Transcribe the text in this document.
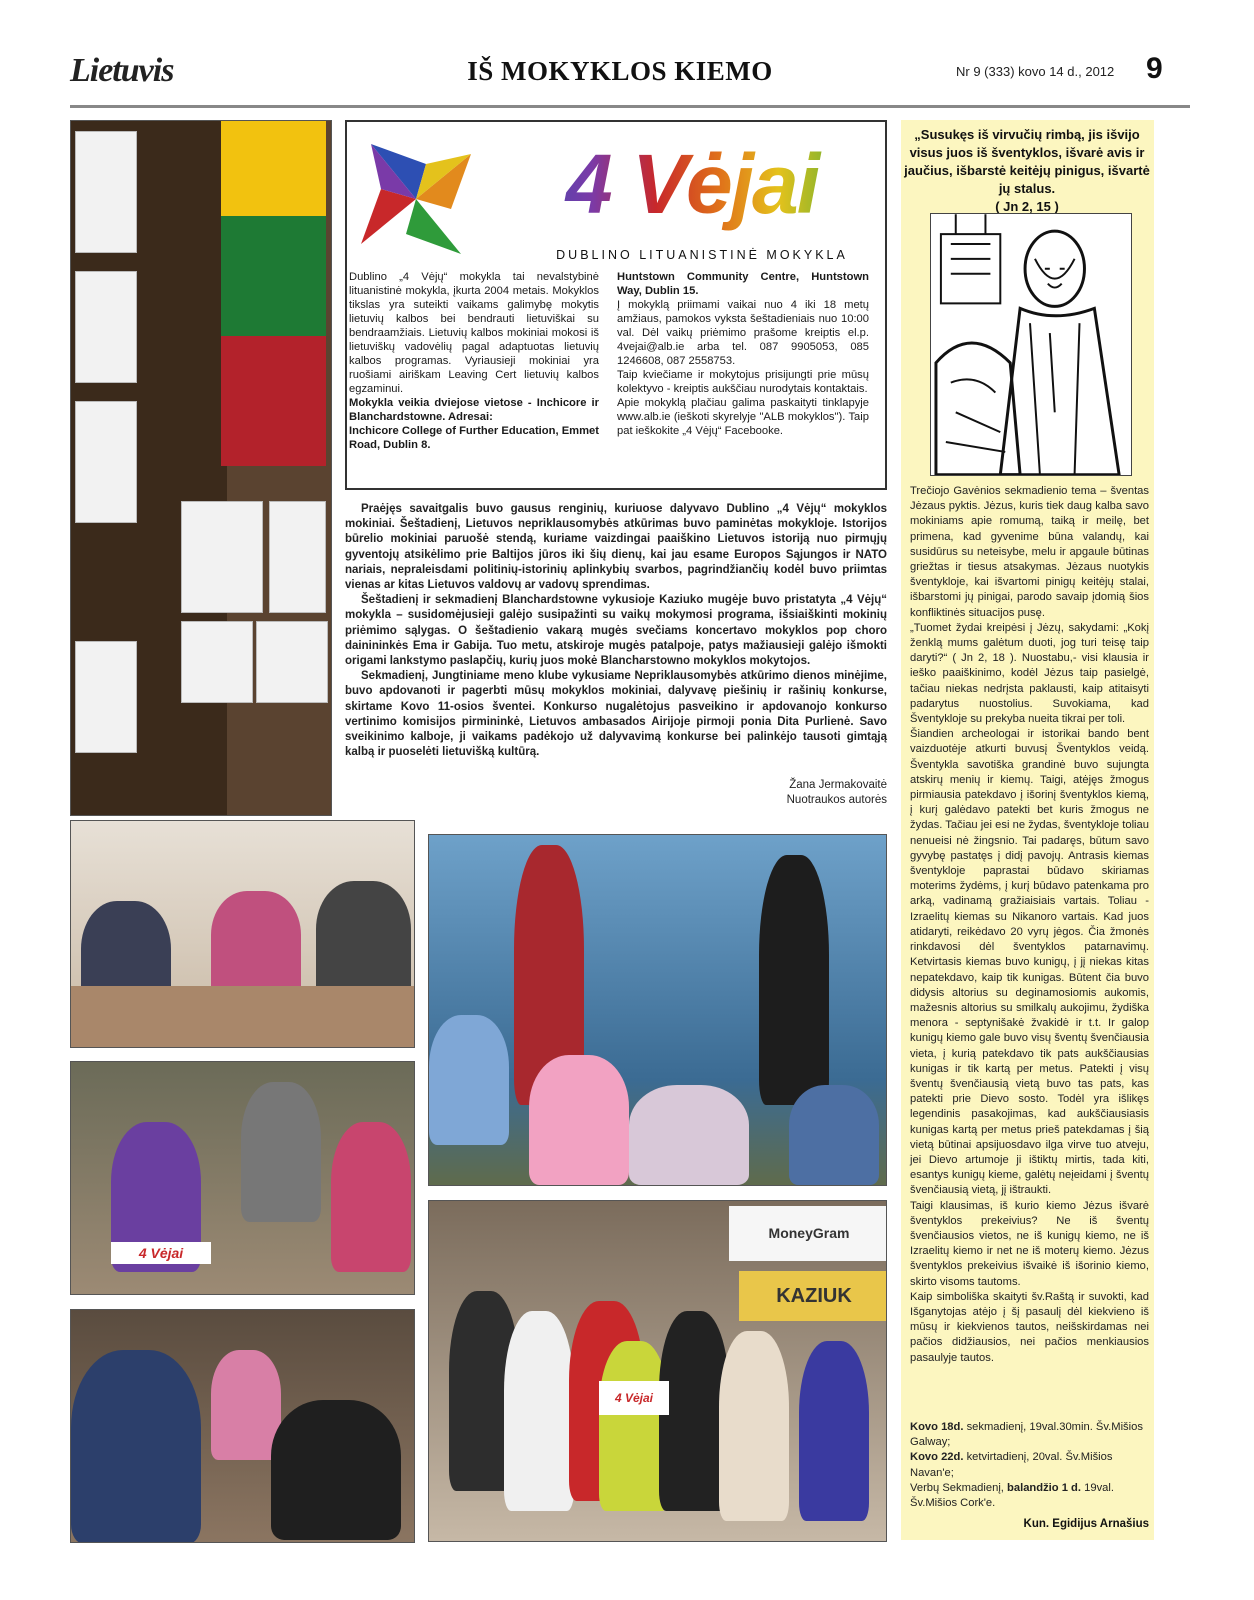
Lietuvis	IŠ MOKYKLOS KIEMO	Nr 9 (333) kovo 14 d., 2012	9
4 Vėjai
DUBLINO LITUANISTINĖ MOKYKLA

Dublino „4 Vėjų“ mokykla tai nevalstybinė lituanistinė mokykla, įkurta 2004 metais. Mokyklos tikslas yra suteikti vaikams galimybę mokytis lietuvių kalbos bei bendrauti lietuviškai su bendraamžiais. Lietuvių kalbos mokiniai mokosi iš lietuviškų vadovėlių pagal adaptuotas lietuvių kalbos programas. Vyriausieji mokiniai yra ruošiami airiškam Leaving Cert lietuvių kalbos egzaminui.

Mokykla veikia dviejose vietose - Inchicore ir Blanchardstowne. Adresai:

Inchicore College of Further Education, Emmet Road, Dublin 8.

Huntstown Community Centre, Huntstown Way, Dublin 15.

Į mokyklą priimami vaikai nuo 4 iki 18 metų amžiaus, pamokos vyksta šeštadieniais nuo 10:00 val. Dėl vaikų priėmimo prašome kreiptis el.p. 4vejai@alb.ie arba tel. 087 9905053, 085 1246608, 087 2558753.

Taip kviečiame ir mokytojus prisijungti prie mūsų kolektyvo - kreiptis aukščiau nurodytais kontaktais.

Apie mokyklą plačiau galima paskaityti tinklapyje www.alb.ie (ieškoti skyrelyje "ALB mokyklos"). Taip pat ieškokite „4 Vėjų“ Facebooke.

Praėjęs savaitgalis buvo gausus renginių, kuriuose dalyvavo Dublino „4 Vėjų“ mokyklos mokiniai. Šeštadienį, Lietuvos nepriklausomybės atkūrimas buvo paminėtas mokykloje. Istorijos būrelio mokiniai paruošė stendą, kuriame vaizdingai paaiškino Lietuvos istoriją nuo pirmųjų gyventojų atsikėlimo prie Baltijos jūros iki šių dienų, kai jau esame Europos Sąjungos ir NATO nariais, nepraleisdami politinių-istorinių aplinkybių svarbos, pagrindžiančių kodėl buvo priimtas vienas ar kitas Lietuvos valdovų ar vadovų sprendimas.

Šeštadienį ir sekmadienį Blanchardstowne vykusioje Kaziuko mugėje buvo pristatyta „4 Vėjų“ mokykla – susidomėjusieji galėjo susipažinti su vaikų mokymosi programa, išsiaiškinti mokinių priėmimo sąlygas. O šeštadienio vakarą mugės svečiams koncertavo mokyklos pop choro dainininkės Ema ir Gabija. Tuo metu, atskiroje mugės patalpoje, patys mažiausieji galėjo išmokti origami lankstymo paslapčių, kurių juos mokė Blancharstowno mokyklos mokytojos.

Sekmadienį, Jungtiniame meno klube vykusiame Nepriklausomybės atkūrimo dienos minėjime, buvo apdovanoti ir pagerbti mūsų mokyklos mokiniai, dalyvavę piešinių ir rašinių konkurse, skirtame Kovo 11-osios šventei. Konkurso nugalėtojus pasveikino ir apdovanojo konkurso vertinimo komisijos pirmininkė, Lietuvos ambasados Airijoje pirmoji ponia Dita Purlienė. Savo sveikinimo kalboje, ji vaikams padėkojo už dalyvavimą konkurse bei palinkėjo tausoti gimtąją kalbą ir puoselėti lietuvišką kultūrą.

Žana Jermakovaitė
Nuotraukos autorės
4 Vėjai
MoneyGram
KAZIUK
4 Vėjai
„Susukęs iš virvučių rimbą, jis išvijo visus juos iš šventyklos, išvarė avis ir jaučius, išbarstė keitėjų pinigus, išvartė jų stalus.
( Jn 2, 15 )

Trečiojo Gavėnios sekmadienio tema – šventas Jėzaus pyktis. Jėzus, kuris tiek daug kalba savo mokiniams apie romumą, taiką ir meilę, bet primena, kad gyvenime būna valandų, kai susidūrus su neteisybe, melu ir apgaule būtinas griežtas ir tiesus atsakymas. Jėzaus nuotykis šventykloje, kai išvartomi pinigų keitėjų stalai, išbarstomi jų pinigai, parodo savaip įdomią šios konfliktinės situacijos pusę.

„Tuomet žydai kreipėsi į Jėzų, sakydami: „Kokį ženklą mums galėtum duoti, jog turi teisę taip daryti?“ ( Jn 2, 18 ). Nuostabu,- visi klausia ir ieško paaiškinimo, kodėl Jėzus taip pasielgė, tačiau niekas nedrįsta paklausti, kaip atitaisyti padarytus nuostolius. Suvokiama, kad Šventykloje su prekyba nueita tikrai per toli.

Šiandien archeologai ir istorikai bando bent vaizduotėje atkurti buvusį Šventyklos veidą. Šventykla savotiška grandinė buvo sujungta atskirų menių ir kiemų. Taigi, atėjęs žmogus pirmiausia patekdavo į išorinį šventyklos kiemą, į kurį galėdavo patekti bet kuris žmogus ne žydas. Tačiau jei esi ne žydas, šventykloje toliau nenueisi nė žingsnio. Tai padaręs, būtum savo gyvybę pastatęs į didį pavojų. Antrasis kiemas šventykloje paprastai būdavo skiriamas moterims žydėms, į kurį būdavo patenkama pro arką, vadinamą gražiaisiais vartais. Toliau - Izraelitų kiemas su Nikanoro vartais. Kad juos atidaryti, reikėdavo 20 vyrų jėgos. Čia žmonės rinkdavosi dėl šventyklos patarnavimų. Ketvirtasis kiemas buvo kunigų, į jį niekas kitas nepatekdavo, kaip tik kunigas. Būtent čia buvo didysis altorius su deginamosiomis aukomis, mažesnis altorius su smilkalų aukojimu, žydiška menora - septynišakė žvakidė ir t.t. Ir galop kunigų kiemo gale buvo visų šventų švenčiausia vieta, į kurią patekdavo tik pats aukščiausias kunigas ir tik kartą per metus. Patekti į visų šventų švenčiausią vietą buvo tas pats, kas patekti prie Dievo sosto. Todėl yra išlikęs legendinis pasakojimas, kad aukščiausiasis kunigas kartą per metus prieš patekdamas į šią vietą būtinai apsijuosdavo ilga virve tuo atveju, jei Dievo artumoje ji ištiktų mirtis, tada kiti, esantys kunigų kieme, galėtų neįeidami į šventų švenčiausią vietą, jį ištraukti.

Taigi klausimas, iš kurio kiemo Jėzus išvarė šventyklos prekeivius? Ne iš šventų švenčiausios vietos, ne iš kunigų kiemo, ne iš Izraelitų kiemo ir net ne iš moterų kiemo. Jėzus šventyklos prekeivius išvaikė iš išorinio kiemo, skirto visoms tautoms.

Kaip simboliška skaityti šv.Raštą ir suvokti, kad Išganytojas atėjo į šį pasaulį dėl kiekvieno iš mūsų ir kiekvienos tautos, neišskirdamas nei pačios didžiausios, nei pačios menkiausios pasaulyje tautos.

Kovo 18d. sekmadienį, 19val.30min. Šv.Mišios Galway;

Kovo 22d. ketvirtadienį, 20val. Šv.Mišios Navan'e;

Verbų Sekmadienį, balandžio 1 d. 19val. Šv.Mišios Cork'e.

Kun. Egidijus Arnašius
